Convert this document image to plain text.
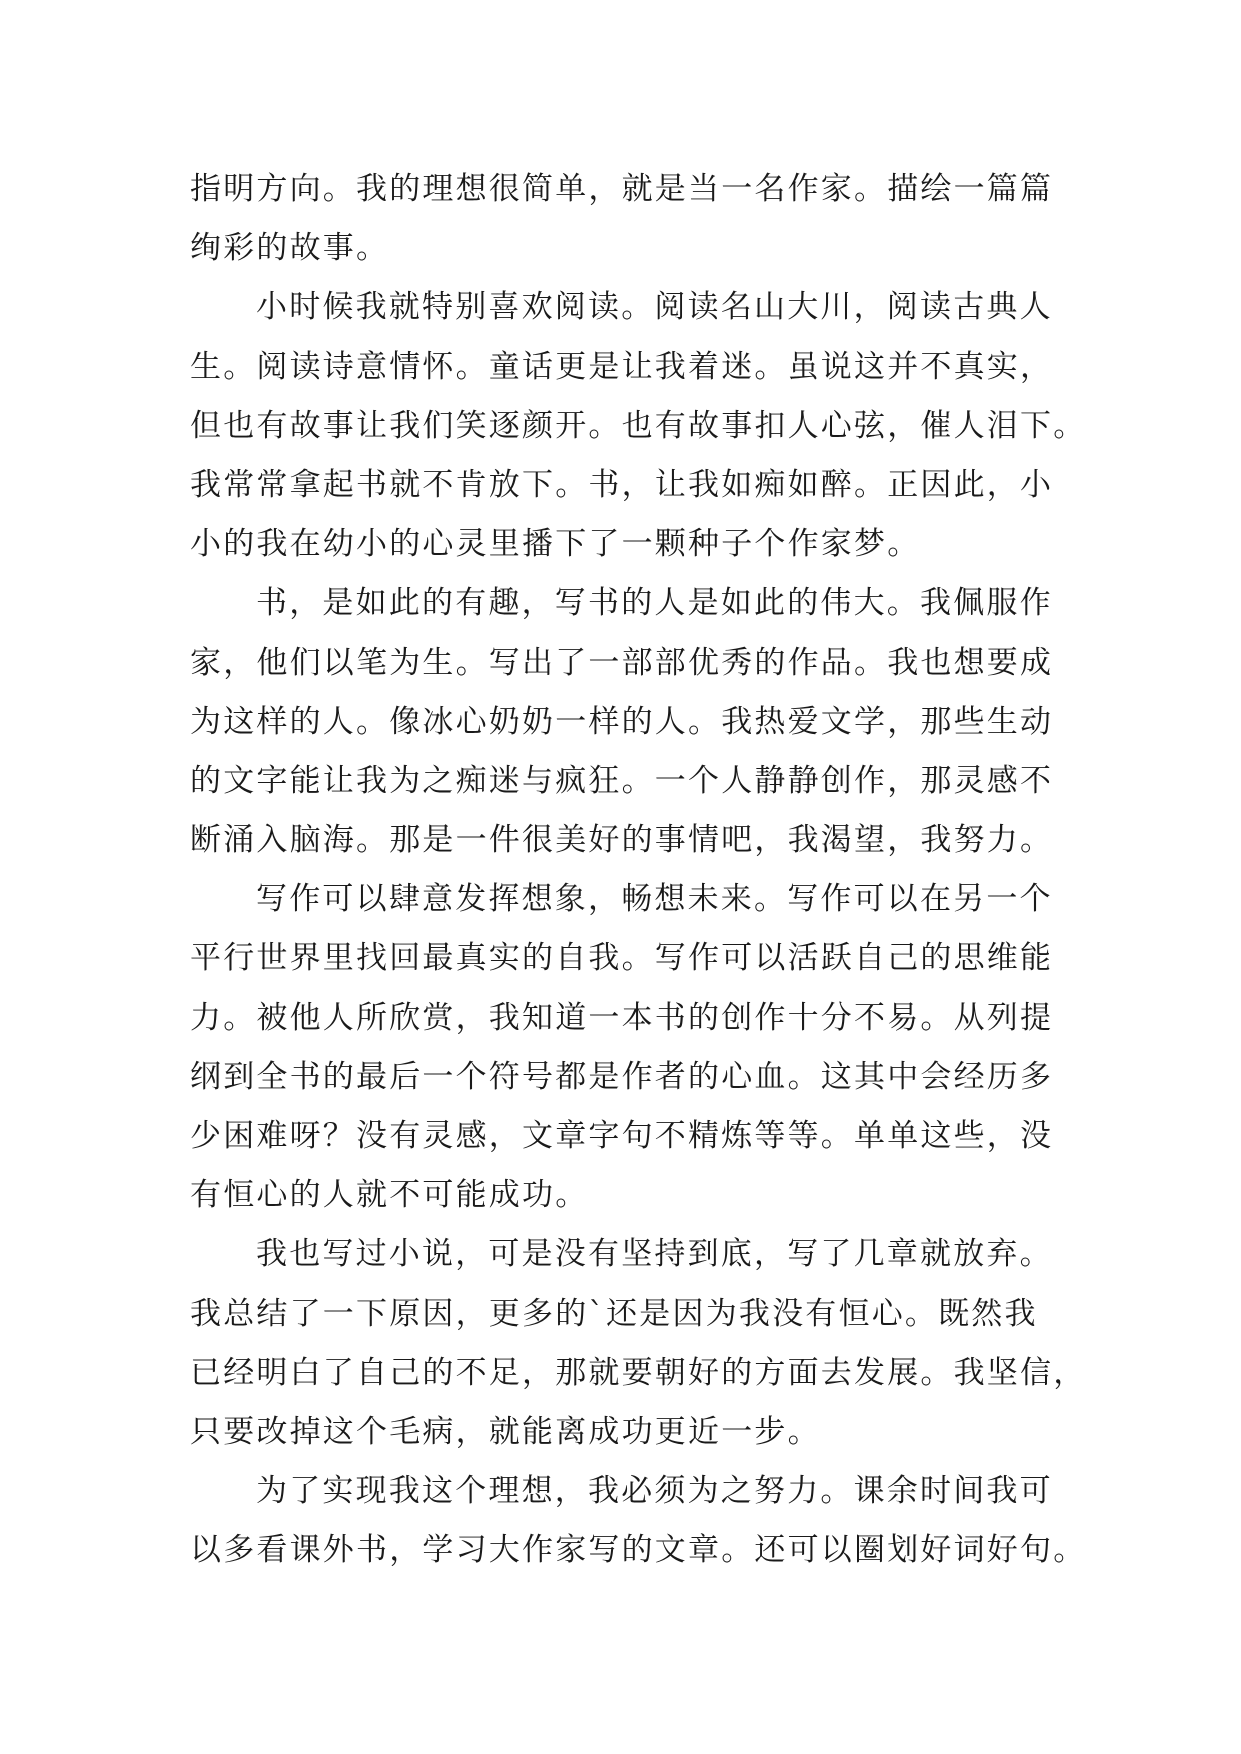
指明方向。我的理想很简单，就是当一名作家。描绘一篇篇
绚彩的故事。
小时候我就特别喜欢阅读。阅读名山大川，阅读古典人
生。阅读诗意情怀。童话更是让我着迷。虽说这并不真实，
但也有故事让我们笑逐颜开。也有故事扣人心弦，催人泪下。
我常常拿起书就不肯放下。书，让我如痴如醉。正因此，小
小的我在幼小的心灵里播下了一颗种子个作家梦。
书，是如此的有趣，写书的人是如此的伟大。我佩服作
家，他们以笔为生。写出了一部部优秀的作品。我也想要成
为这样的人。像冰心奶奶一样的人。我热爱文学，那些生动
的文字能让我为之痴迷与疯狂。一个人静静创作，那灵感不
断涌入脑海。那是一件很美好的事情吧，我渴望，我努力。
写作可以肆意发挥想象，畅想未来。写作可以在另一个
平行世界里找回最真实的自我。写作可以活跃自己的思维能
力。被他人所欣赏，我知道一本书的创作十分不易。从列提
纲到全书的最后一个符号都是作者的心血。这其中会经历多
少困难呀？没有灵感，文章字句不精炼等等。单单这些，没
有恒心的人就不可能成功。
我也写过小说，可是没有坚持到底，写了几章就放弃。
我总结了一下原因，更多的`还是因为我没有恒心。既然我
已经明白了自己的不足，那就要朝好的方面去发展。我坚信，
只要改掉这个毛病，就能离成功更近一步。
为了实现我这个理想，我必须为之努力。课余时间我可
以多看课外书，学习大作家写的文章。还可以圈划好词好句。
